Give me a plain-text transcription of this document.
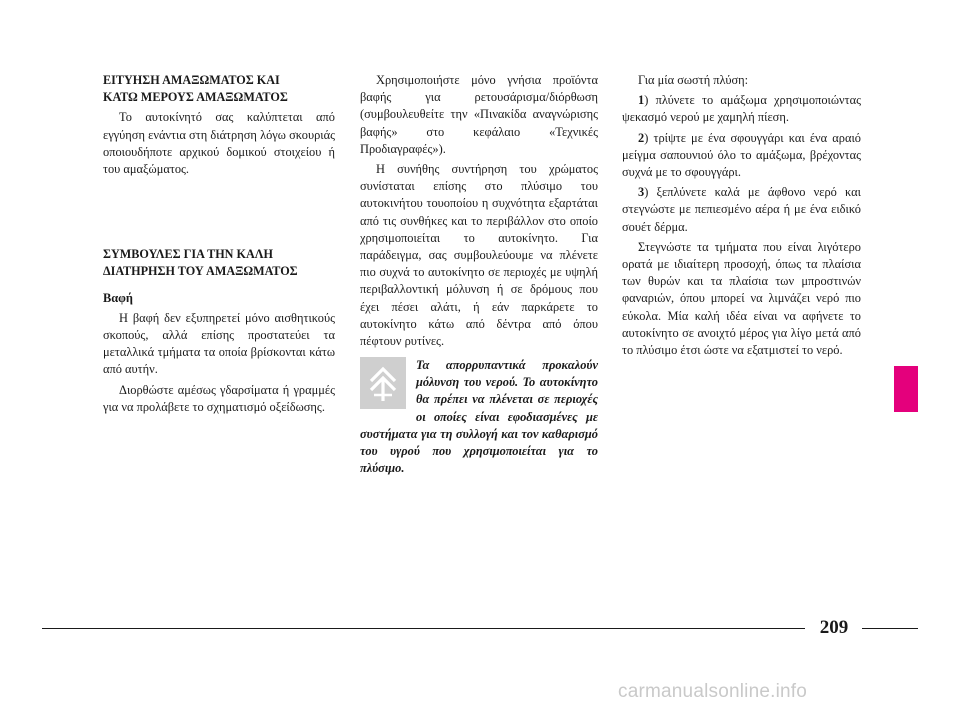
ΕΙΤΥΗΣΗ ΑΜΑΞΩΜΑΤΟΣ ΚΑΙ
ΚΑΤΩ ΜΕΡΟΥΣ ΑΜΑΞΩΜΑΤΟΣ

Το αυτοκίνητό σας καλύπτεται από εγγύηση ενάντια στη διάτρηση λόγω σκουριάς οποιουδήποτε αρχικού δομικού στοιχείου ή του αμαξώματος.

ΣΥΜΒΟΥΛΕΣ ΓΙΑ ΤΗΝ ΚΑΛΗ
ΔΙΑΤΗΡΗΣΗ ΤΟΥ ΑΜΑΞΩΜΑΤΟΣ
Βαφή

Η βαφή δεν εξυπηρετεί μόνο αισθητικούς σκοπούς, αλλά επίσης προστατεύει τα μεταλλικά τμήματα τα οποία βρίσκονται κάτω από αυτήν.

Διορθώστε αμέσως γδαρσίματα ή γραμμές για να προλάβετε το σχηματισμό οξείδωσης.

Χρησιμοποιήστε μόνο γνήσια προϊόντα βαφής για ρετουσάρισμα/διόρθωση (συμβουλευθείτε την «Πινακίδα αναγνώρισης βαφής» στο κεφάλαιο «Τεχνικές Προδιαγραφές»).

Η συνήθης συντήρηση του χρώματος συνίσταται επίσης στο πλύσιμο του αυτοκινήτου τουοποίου η συχνότητα εξαρτάται από τις συνθήκες και το περιβάλλον στο οποίο χρησιμοποιείται το αυτοκίνητο. Για παράδειγμα, σας συμβουλεύουμε να πλένετε πιο συχνά το αυτοκίνητο σε περιοχές με υψηλή περιβαλλοντική μόλυνση ή σε δρόμους που έχει πέσει αλάτι, ή εάν παρκάρετε το αυτοκίνητο κάτω από δέντρα από όπου πέφτουν ρυτίνες.

Τα απορρυπαντικά προκαλούν μόλυνση του νερού. Το αυτοκίνητο θα πρέπει να πλένεται σε περιοχές οι οποίες είναι εφοδιασμένες με συστήματα για τη συλλογή και τον καθαρισμό του υγρού που χρησιμοποιείται για το πλύσιμο.

Για μία σωστή πλύση:

1) πλύνετε το αμάξωμα χρησιμοποιώντας ψεκασμό νερού με χαμηλή πίεση.

2) τρίψτε με ένα σφουγγάρι και ένα αραιό μείγμα σαπουνιού όλο το αμάξωμα, βρέχοντας συχνά με το σφουγγάρι.

3) ξεπλύνετε καλά με άφθονο νερό και στεγνώστε με πεπιεσμένο αέρα ή με ένα ειδικό σουέτ δέρμα.

Στεγνώστε τα τμήματα που είναι λιγότερο ορατά με ιδιαίτερη προσοχή, όπως τα πλαίσια των θυρών και τα πλαίσια των μπροστινών φαναριών, όπου μπορεί να λιμνάζει νερό πιο εύκολα. Μία καλή ιδέα είναι να αφήνετε το αυτοκίνητο σε ανοιχτό μέρος για λίγο μετά από το πλύσιμο έτσι ώστε να εξατμιστεί το νερό.

209
carmanualsonline.info
